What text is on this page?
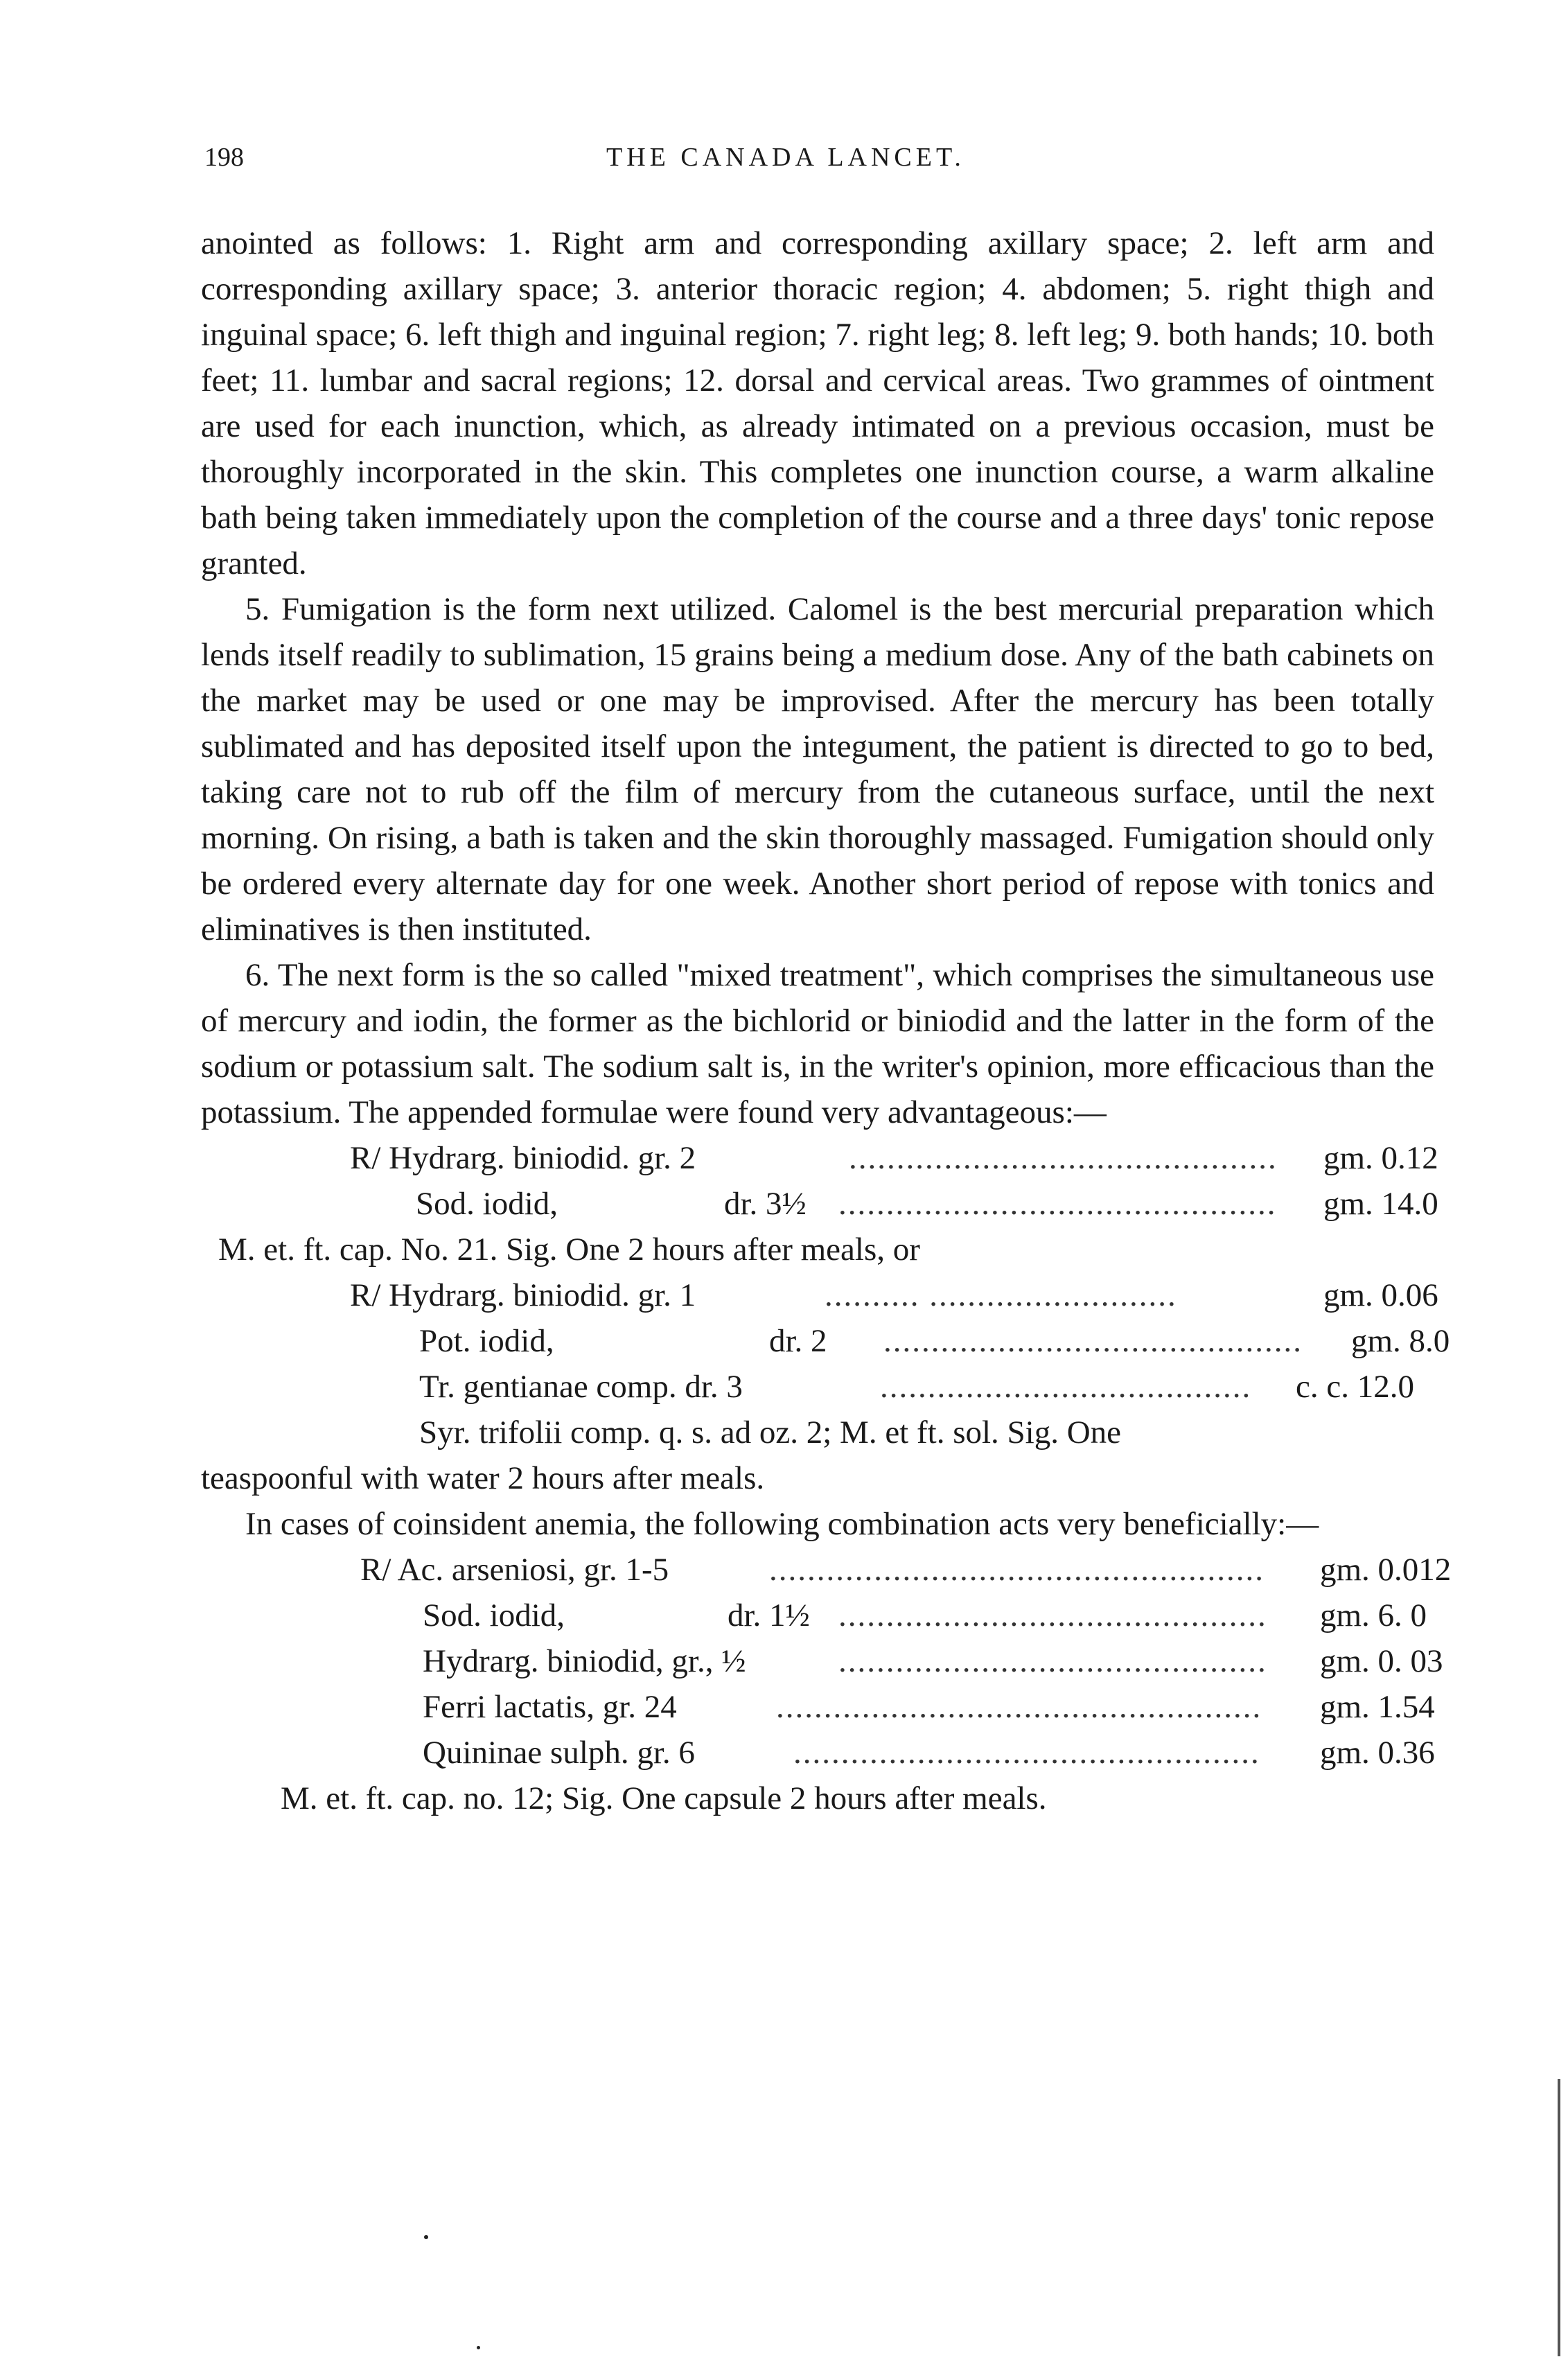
198	THE CANADA LANCET.

anointed as follows: 1. Right arm and corresponding axillary space; 2. left arm and corresponding axillary space; 3. anterior thoracic region; 4. abdomen; 5. right thigh and inguinal space; 6. left thigh and inguinal region; 7. right leg; 8. left leg; 9. both hands; 10. both feet; 11. lumbar and sacral regions; 12. dorsal and cervical areas. Two grammes of ointment are used for each inunction, which, as already intimated on a previous occasion, must be thoroughly incorporated in the skin. This completes one inunction course, a warm alkaline bath being taken immediately upon the completion of the course and a three days' tonic repose granted.

5. Fumigation is the form next utilized. Calomel is the best mercurial preparation which lends itself readily to sublimation, 15 grains being a medium dose. Any of the bath cabinets on the market may be used or one may be improvised. After the mercury has been totally sublimated and has deposited itself upon the integument, the patient is directed to go to bed, taking care not to rub off the film of mercury from the cutaneous surface, until the next morning. On rising, a bath is taken and the skin thoroughly massaged. Fumigation should only be ordered every alternate day for one week. Another short period of repose with tonics and eliminatives is then instituted.

6. The next form is the so called "mixed treatment", which comprises the simultaneous use of mercury and iodin, the former as the bichlorid or biniodid and the latter in the form of the sodium or potassium salt. The sodium salt is, in the writer's opinion, more efficacious than the potassium. The appended formulae were found very advantageous:—

R/ Hydrarg. biniodid. gr. 2	.............................................	gm. 0.12
Sod. iodid,	dr. 3½ ..............................................	gm. 14.0
M. et. ft. cap. No. 21. Sig. One 2 hours after meals, or
R/ Hydrarg. biniodid. gr. 1	.......... ..........................	gm. 0.06
Pot. iodid,	dr. 2 ............................................	gm. 8.0
Tr. gentianae comp. dr. 3	.......................................	c. c. 12.0
Syr. trifolii comp. q. s. ad oz. 2; M. et ft. sol. Sig. One
teaspoonful with water 2 hours after meals.

In cases of coinsident anemia, the following combination acts very beneficially:—

R/ Ac. arseniosi, gr. 1-5	....................................................	gm. 0.012
Sod. iodid,	dr. 1½ .............................................	gm. 6. 0
Hydrarg. biniodid, gr., ½	.............................................	gm. 0. 03
Ferri lactatis, gr. 24	...................................................	gm. 1.54
Quininae sulph. gr. 6	.................................................	gm. 0.36
M. et. ft. cap. no. 12; Sig. One capsule 2 hours after meals.
